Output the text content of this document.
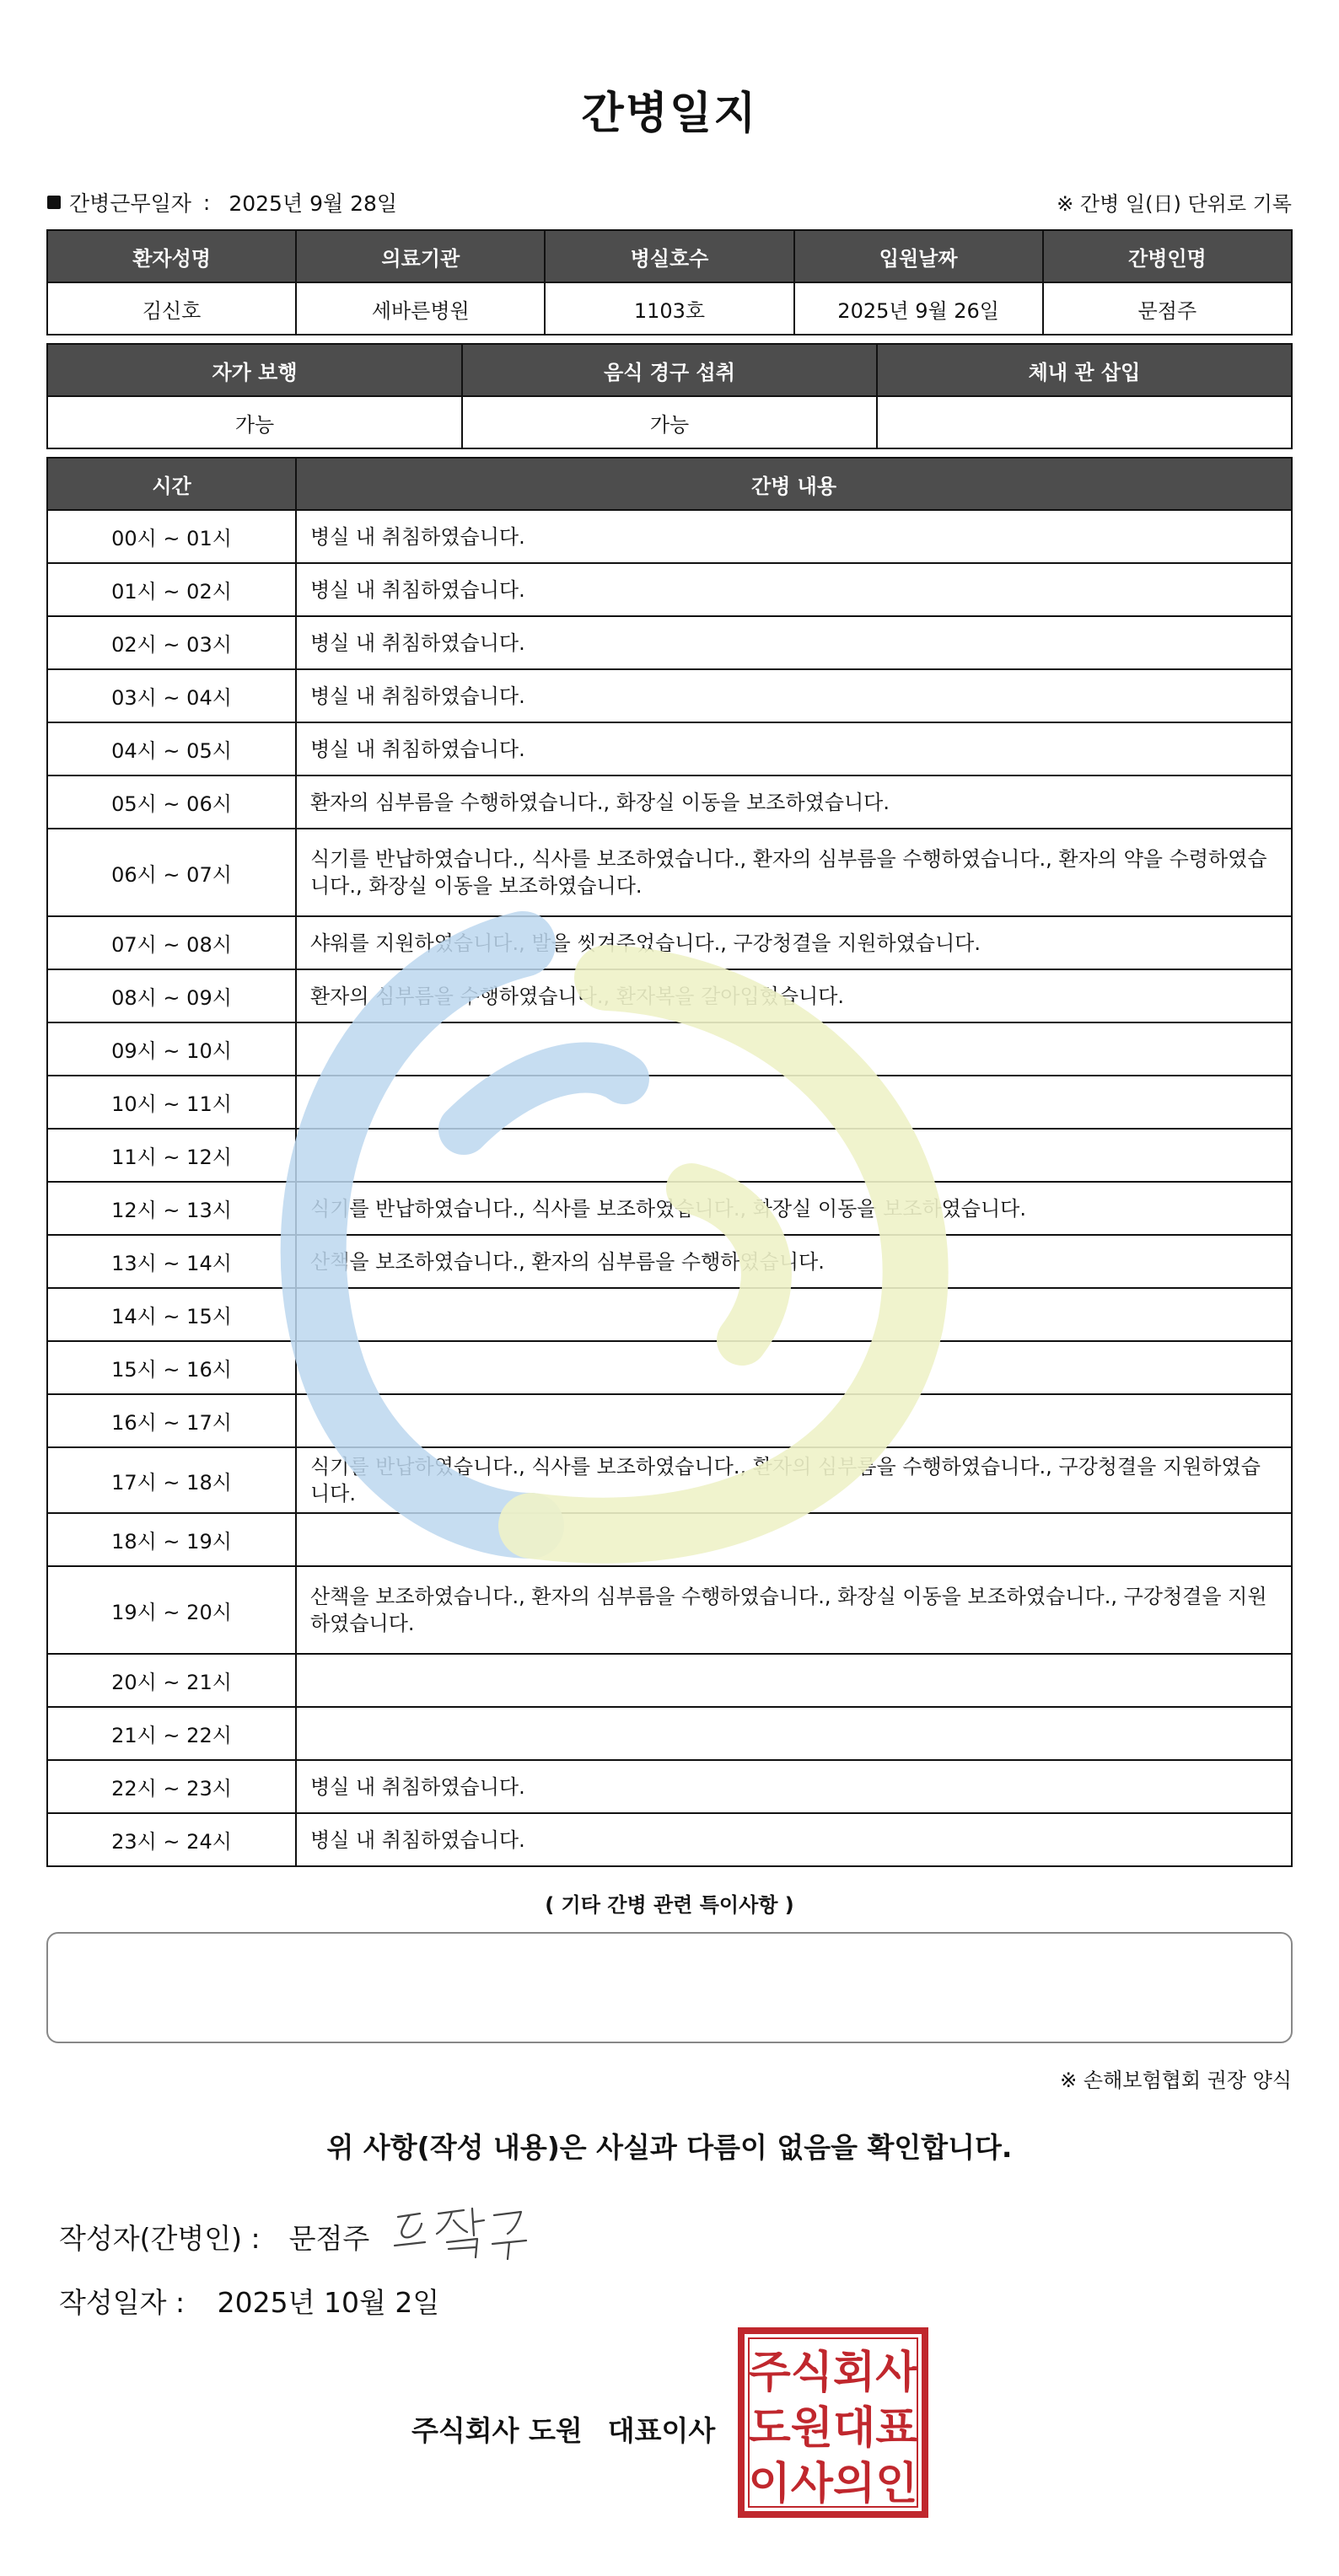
간병일지
간병근무일자 : 2025년 9월 28일	※ 간병 일(日) 단위로 기록
환자성명	의료기관	병실호수	입원날짜	간병인명
김신호	세바른병원	1103호	2025년 9월 26일	문점주
자가 보행	음식 경구 섭취	체내 관 삽입
가능	가능	
시간	간병 내용
00시 ~ 01시	병실 내 취침하였습니다.
01시 ~ 02시	병실 내 취침하였습니다.
02시 ~ 03시	병실 내 취침하였습니다.
03시 ~ 04시	병실 내 취침하였습니다.
04시 ~ 05시	병실 내 취침하였습니다.
05시 ~ 06시	환자의 심부름을 수행하였습니다., 화장실 이동을 보조하였습니다.
06시 ~ 07시	식기를 반납하였습니다., 식사를 보조하였습니다., 환자의 심부름을 수행하였습니다., 환자의 약을 수령하였습니다., 화장실 이동을 보조하였습니다.
07시 ~ 08시	샤워를 지원하였습니다., 발을 씻겨주었습니다., 구강청결을 지원하였습니다.
08시 ~ 09시	환자의 심부름을 수행하였습니다., 환자복을 갈아입혔습니다.
09시 ~ 10시	
10시 ~ 11시	
11시 ~ 12시	
12시 ~ 13시	식기를 반납하였습니다., 식사를 보조하였습니다., 화장실 이동을 보조하였습니다.
13시 ~ 14시	산책을 보조하였습니다., 환자의 심부름을 수행하였습니다.
14시 ~ 15시	
15시 ~ 16시	
16시 ~ 17시	
17시 ~ 18시	식기를 반납하였습니다., 식사를 보조하였습니다., 환자의 심부름을 수행하였습니다., 구강청결을 지원하였습니다.
18시 ~ 19시	
19시 ~ 20시	산책을 보조하였습니다., 환자의 심부름을 수행하였습니다., 화장실 이동을 보조하였습니다., 구강청결을 지원하였습니다.
20시 ~ 21시	
21시 ~ 22시	
22시 ~ 23시	병실 내 취침하였습니다.
23시 ~ 24시	병실 내 취침하였습니다.
( 기타 간병 관련 특이사항 )
※ 손해보험협회 권장 양식
위 사항(작성 내용)은 사실과 다름이 없음을 확인합니다.
작성자(간병인) : 문점주
작성일자 : 2025년 10월 2일
주식회사 도원 대표이사
주식회사
도원대표
이사의인
